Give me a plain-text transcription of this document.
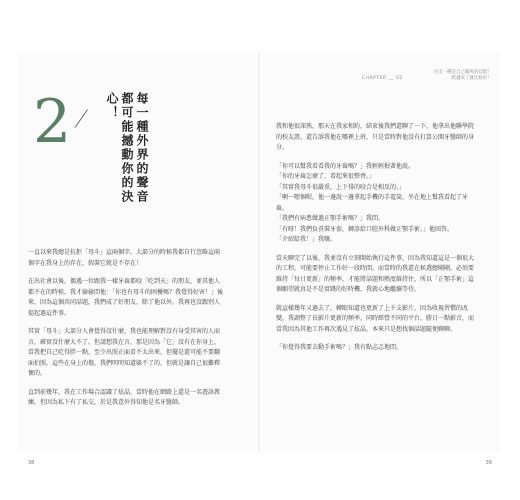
2	每一種外界的聲音
都可能撼動你的決心！

一直以來我總是抗拒「母斗」這兩個字，大部分的時候我都自行忽略這兩個字在我身上的存在，假裝它就是不存在！

在出社會以後，偶遇一位跟我一樣牙齒都咬「吃到天」的朋友，並其他人都不在的時候，我才偷偷問他：「你也有母斗的困擾嗎？我覺得好害！」後來，因為這個共同話題，我們成了好朋友，除了他以外，我再也沒跟別人提起過這件事。

其實「母斗」大部分人會覺得沒什麼，我也能理解對沒有身受其害的人而言，確實沒什麼大不了。但請想我在言，那是因為「它」沒有在你身上，當我把自己吃得胖一點，至少出照正面看不太出來，但擺是還可能不要翻面拍照。這些在身上的傷，我們明明知道躲不了的，但就是讓自己很難釋懷的。

直到前幾年，我在工作場合認識了炫晶，當時他在網路上還是一名遊詠教練，但因為私下有了私交，於是我意外得知他是名牙醫師。

38
CHAPTER __ 02
目出一種是自己獨爽的技能！
跨越來了就比較好！

我和他很深熟，那天在我家相約，結束後我們還聊了一下，他拿出他聯學院的校友證，還告訴我他在哪裡上班，只是當時對他沒有打算公開牙醫師的身分。

「你可以幫我看看我的牙齒嗎？」我輕輕抿著他說。

「你的牙齒怎麼了，看起來很整齊。」

「其實我母斗很嚴重，上下排的咬合是相反的。」

「啊～嗯個喔，他一邊說一邊拿起手機的手電筒，坐在地上幫我看起了牙齒。

「我們有病患做過正顎手術嗎？」我問。

「有呀！我們負責裝牙套，轉診給口腔外科做正顎手術。」他回答。

「介紹給我！」我嚷。

當天聊完了以後，我並沒有立刻開始執行這件事，因為我知道這是一個很大的工程，可能要停止工作好一段時間，而當時的我還在候選總剛剛，必須要維持「每日更新」的頻率，才能將話題和熱度維持住，所以「正顎手術」這個願望就真是不是實踐的好時機，我就心地繼續等待。

就這樣幾年又過去了，轉眼知道也更新了上千支影片，因為收視習慣的改變，我調整了長影片更新的頻率，同時經營不同的平台，勝日一點影音，而當我因為其他工作再次遇見了炫晶，本來只是想找個話題隨便聊聊。

「你覺得我要去動手術嗎？」我有點忐忑地問。

39
